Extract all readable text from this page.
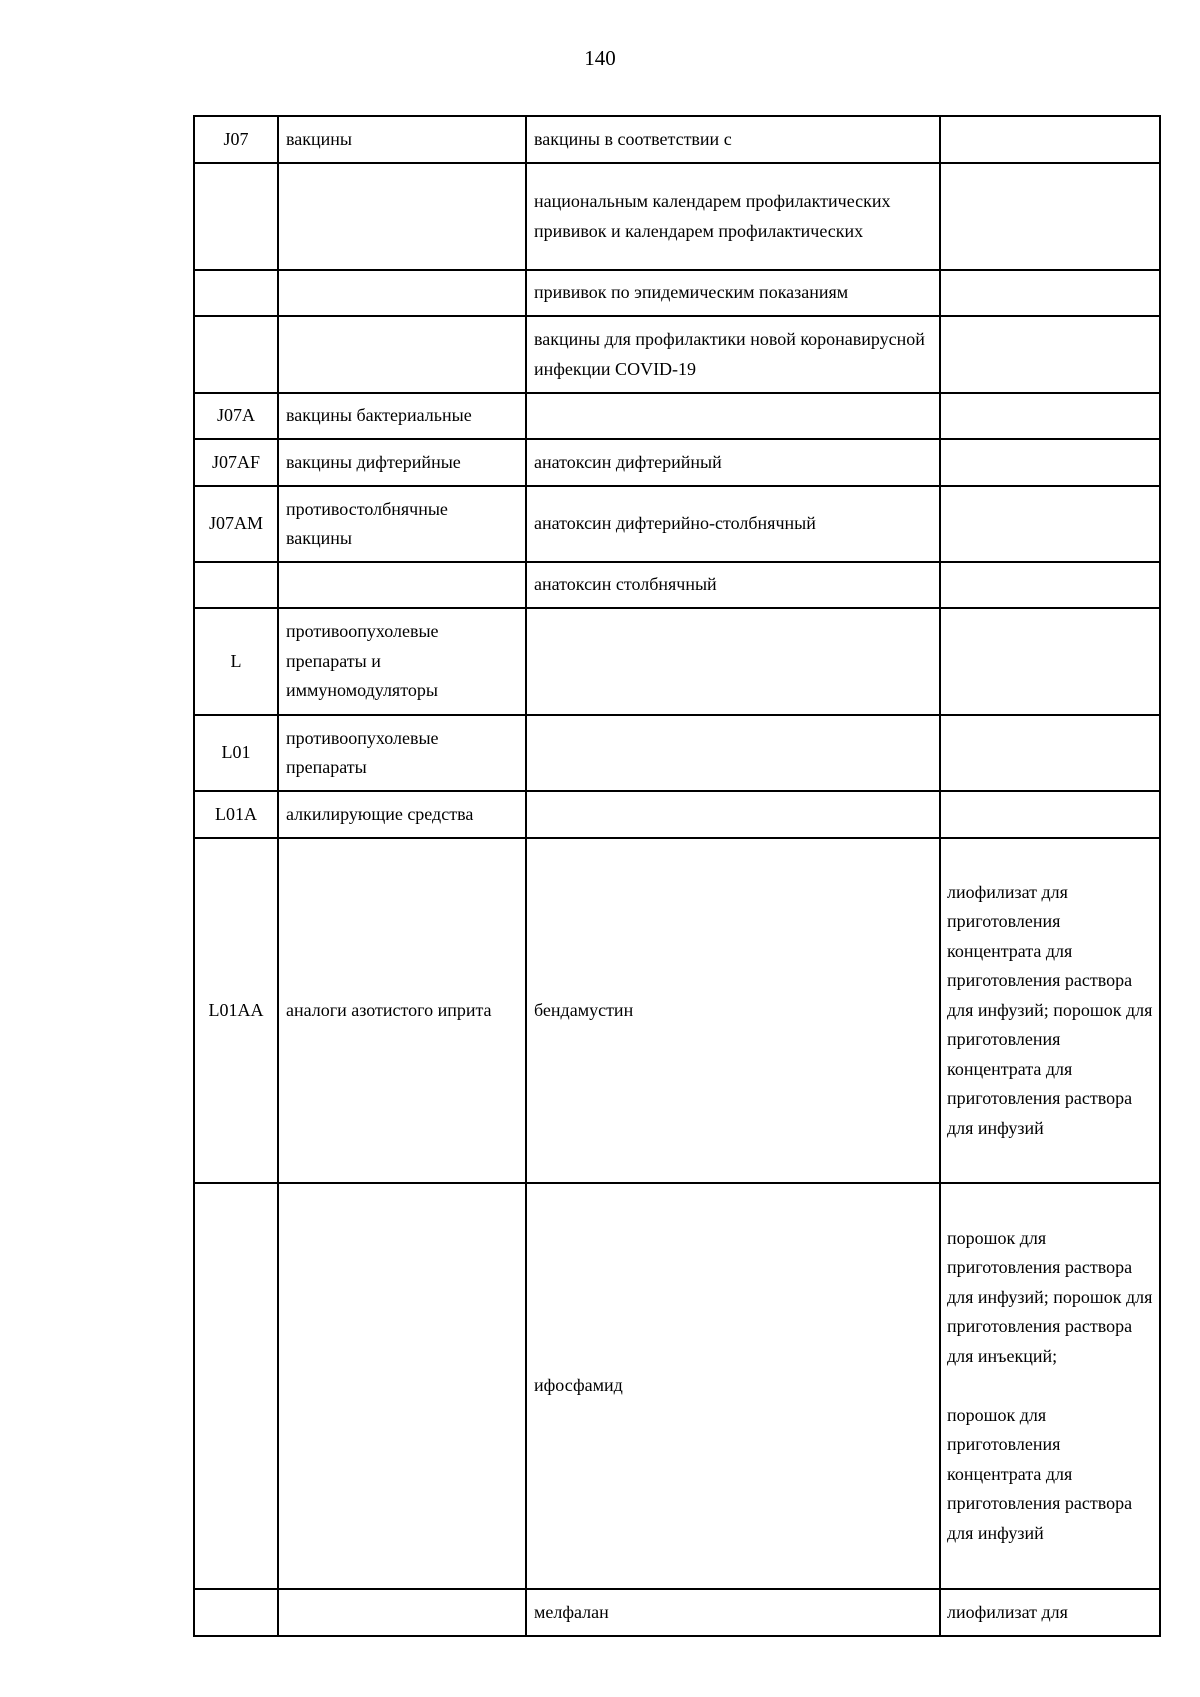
140
J07	вакцины	вакцины в соответствии с	
		национальным календарем профилактических прививок и календарем профилактических	
		прививок по эпидемическим показаниям	
		вакцины для профилактики новой коронавирусной инфекции COVID-19	
J07A	вакцины бактериальные		
J07AF	вакцины дифтерийные	анатоксин дифтерийный	
J07AM	противостолбнячные вакцины	анатоксин дифтерийно-столбнячный	
		анатоксин столбнячный	
L	противоопухолевые препараты и иммуномодуляторы		
L01	противоопухолевые препараты		
L01A	алкилирующие средства		
L01AA	аналоги азотистого иприта	бендамустин	лиофилизат для приготовления концентрата для приготовления раствора для инфузий; порошок для приготовления концентрата для приготовления раствора для инфузий
		ифосфамид	порошок для приготовления раствора для инфузий; порошок для приготовления раствора для инъекций;

порошок для приготовления концентрата для приготовления раствора для инфузий
		мелфалан	лиофилизат для
